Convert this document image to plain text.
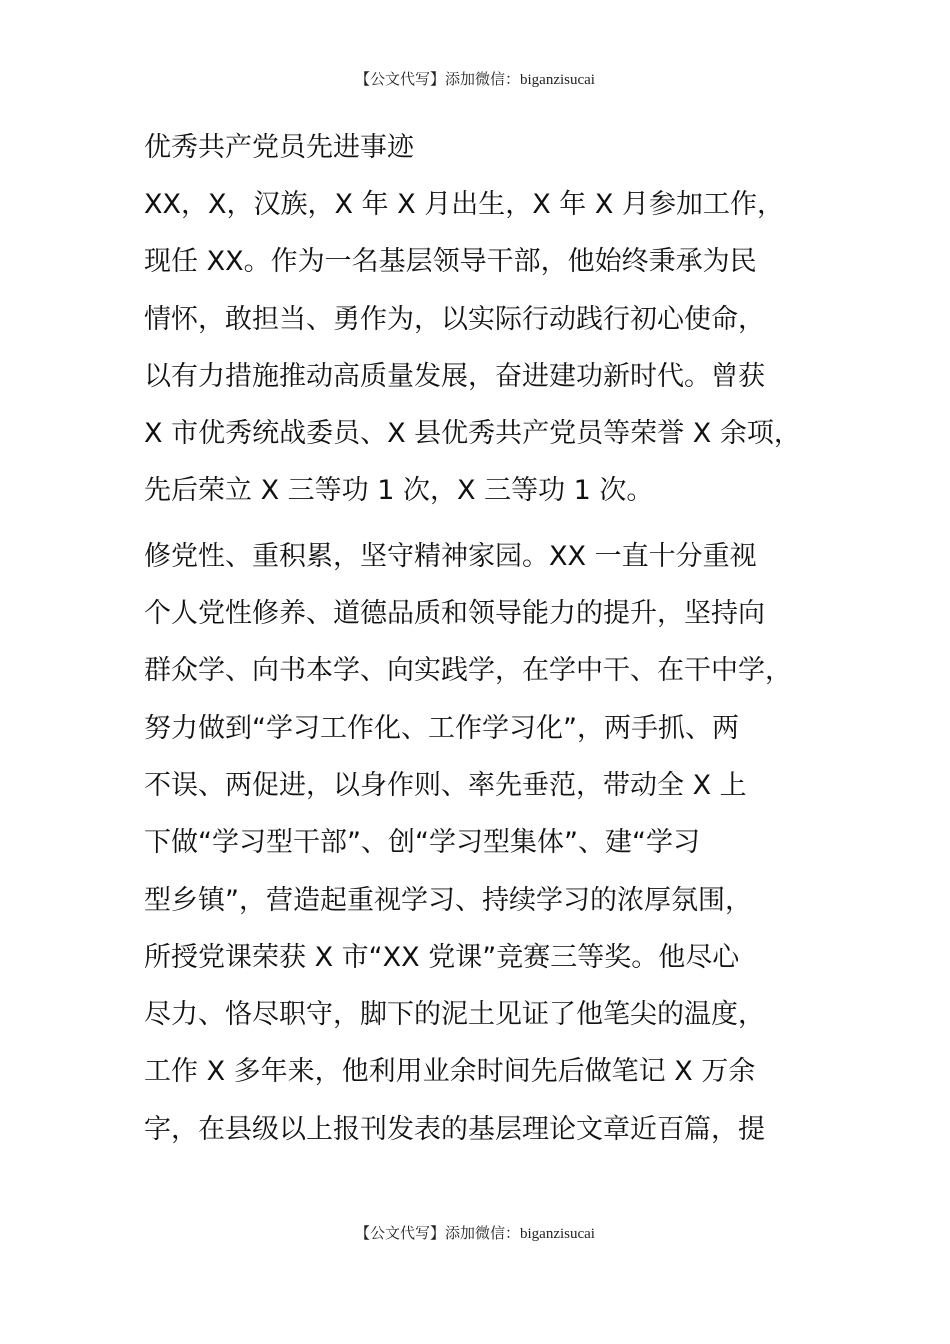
【公文代写】添加微信：biganzisucai
优秀共产党员先进事迹
XX，X，汉族，X 年 X 月出生，X 年 X 月参加工作，
现任 XX。作为一名基层领导干部，他始终秉承为民
情怀，敢担当、勇作为，以实际行动践行初心使命，
以有力措施推动高质量发展，奋进建功新时代。曾获
X 市优秀统战委员、X 县优秀共产党员等荣誉 X 余项，
先后荣立 X 三等功 1 次，X 三等功 1 次。
修党性、重积累，坚守精神家园。XX 一直十分重视
个人党性修养、道德品质和领导能力的提升，坚持向
群众学、向书本学、向实践学，在学中干、在干中学，
努力做到“学习工作化、工作学习化”，两手抓、两
不误、两促进，以身作则、率先垂范，带动全 X 上
下做“学习型干部”、创“学习型集体”、建“学习
型乡镇”，营造起重视学习、持续学习的浓厚氛围，
所授党课荣获 X 市“XX 党课”竞赛三等奖。他尽心
尽力、恪尽职守，脚下的泥土见证了他笔尖的温度，
工作 X 多年来，他利用业余时间先后做笔记 X 万余
字，在县级以上报刊发表的基层理论文章近百篇，提
【公文代写】添加微信：biganzisucai
